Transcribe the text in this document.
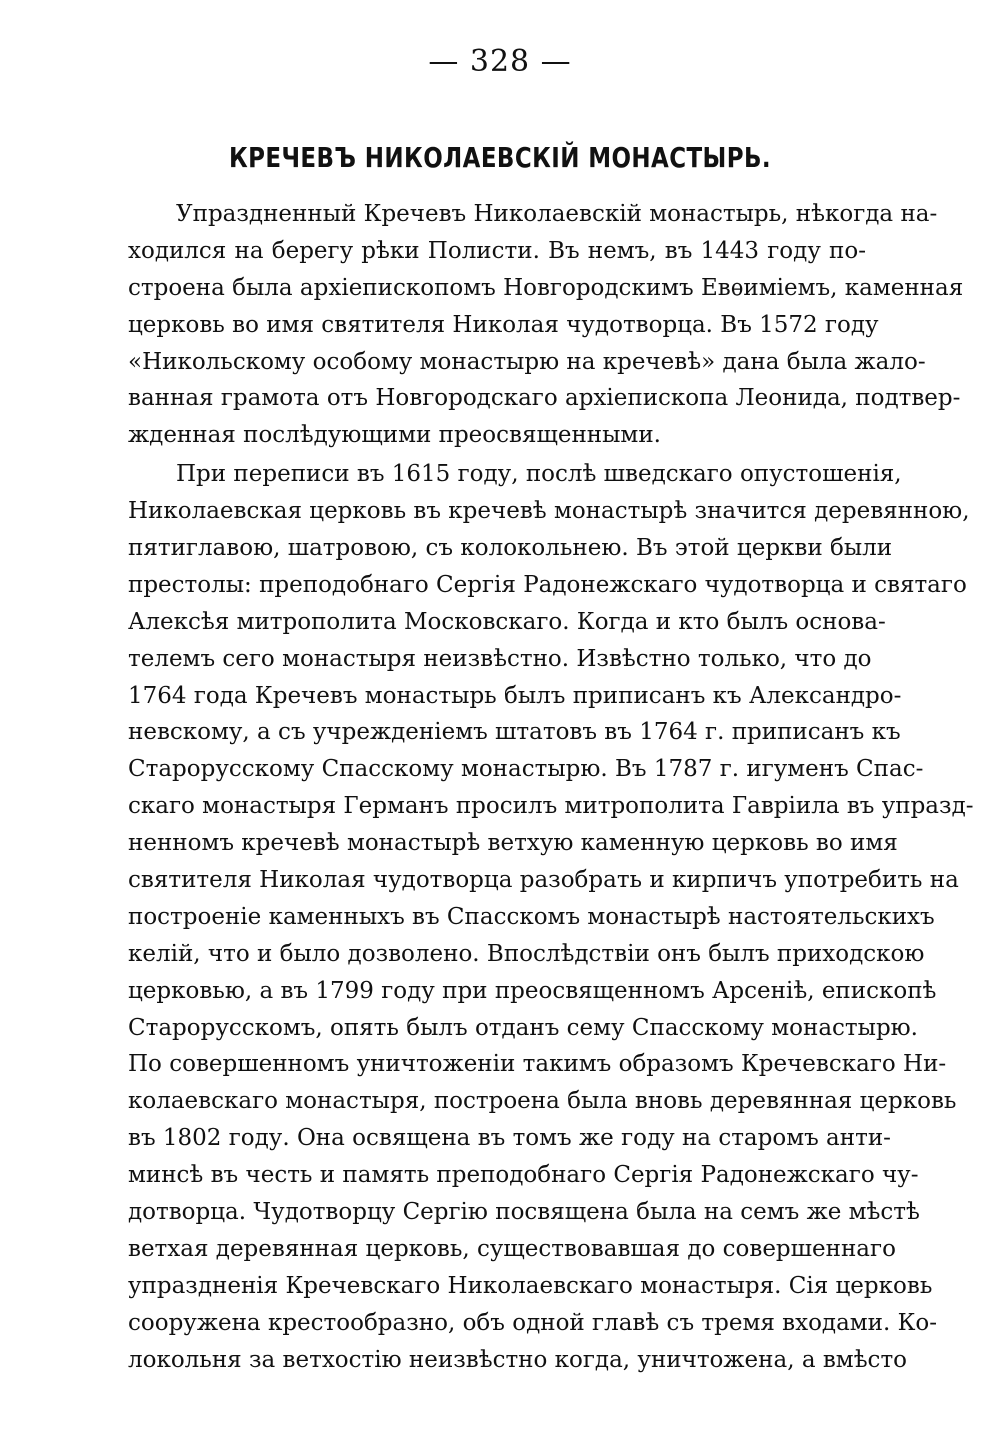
— 328 —
КРЕЧЕВЪ НИКОЛАЕВСКІЙ МОНАСТЫРЬ.
Упраздненный Кречевъ Николаевскій монастырь, нѣкогда на-
ходился на берегу рѣки Полисти. Въ немъ, въ 1443 году по-
строена была архіепископомъ Новгородскимъ Евѳиміемъ, каменная
церковь во имя святителя Николая чудотворца. Въ 1572 году
«Никольскому особому монастырю на кречевѣ» дана была жало-
ванная грамота отъ Новгородскаго архіепископа Леонида, подтвер-
жденная послѣдующими преосвященными.
При переписи въ 1615 году, послѣ шведскаго опустошенія,
Николаевская церковь въ кречевѣ монастырѣ значится деревянною,
пятиглавою, шатровою, съ колокольнею. Въ этой церкви были
престолы: преподобнаго Сергія Радонежскаго чудотворца и святаго
Алексѣя митрополита Московскаго. Когда и кто былъ основа-
телемъ сего монастыря неизвѣстно. Извѣстно только, что до
1764 года Кречевъ монастырь былъ приписанъ къ Александро-
невскому, а съ учрежденіемъ штатовъ въ 1764 г. приписанъ къ
Старорусскому Спасскому монастырю. Въ 1787 г. игуменъ Спас-
скаго монастыря Германъ просилъ митрополита Гавріила въ упразд-
ненномъ кречевѣ монастырѣ ветхую каменную церковь во имя
святителя Николая чудотворца разобрать и кирпичъ употребить на
построеніе каменныхъ въ Спасскомъ монастырѣ настоятельскихъ
келій, что и было дозволено. Впослѣдствіи онъ былъ приходскою
церковью, а въ 1799 году при преосвященномъ Арсеніѣ, епископѣ
Старорусскомъ, опять былъ отданъ сему Спасскому монастырю.
По совершенномъ уничтоженіи такимъ образомъ Кречевскаго Ни-
колаевскаго монастыря, построена была вновь деревянная церковь
въ 1802 году. Она освящена въ томъ же году на старомъ анти-
минсѣ въ честь и память преподобнаго Сергія Радонежскаго чу-
дотворца. Чудотворцу Сергію посвящена была на семъ же мѣстѣ
ветхая деревянная церковь, существовавшая до совершеннаго
упраздненія Кречевскаго Николаевскаго монастыря. Сія церковь
сооружена крестообразно, объ одной главѣ съ тремя входами. Ко-
локольня за ветхостію неизвѣстно когда, уничтожена, а вмѣсто
